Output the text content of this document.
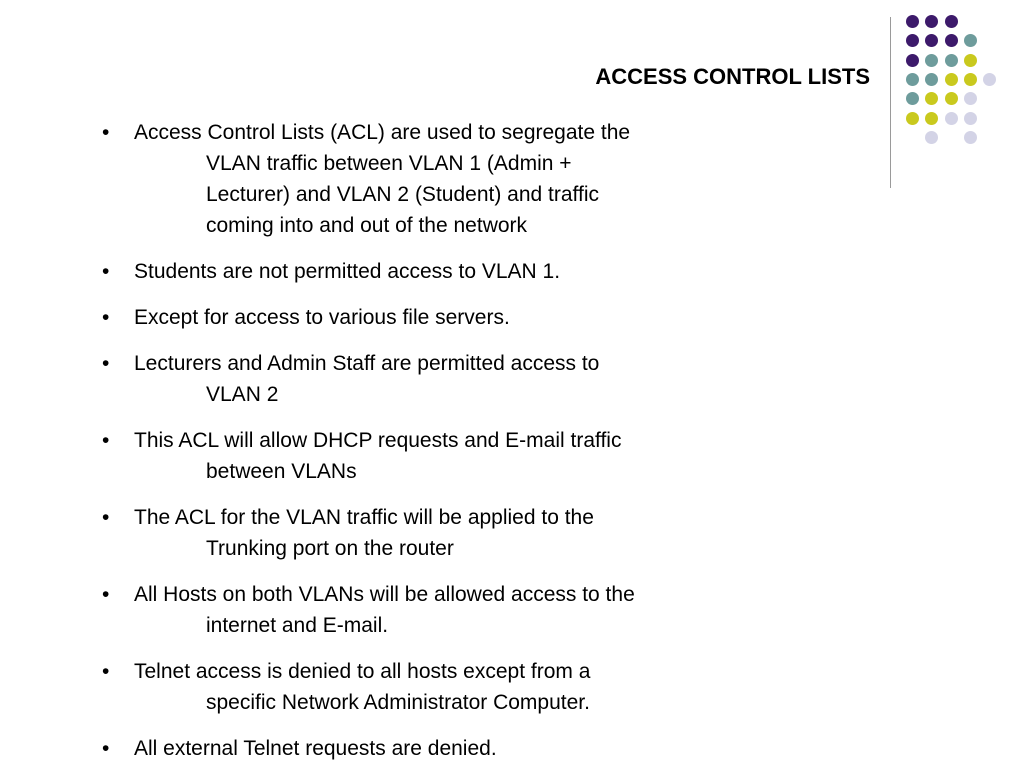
ACCESS CONTROL LISTS
• Access Control Lists (ACL) are used to segregate the
VLAN traffic between VLAN 1 (Admin +
Lecturer) and VLAN 2 (Student) and traffic
coming into and out of the network
• Students are not permitted access to VLAN 1.
• Except for access to various file servers.
• Lecturers and Admin Staff are permitted access to
VLAN 2
• This ACL will allow DHCP requests and E-mail traffic
between VLANs
• The ACL for the VLAN traffic will be applied to the
Trunking port on the router
• All Hosts on both VLANs will be allowed access to the
internet and E-mail.
• Telnet access is denied to all hosts except from a
specific Network Administrator Computer.
• All external Telnet requests are denied.
